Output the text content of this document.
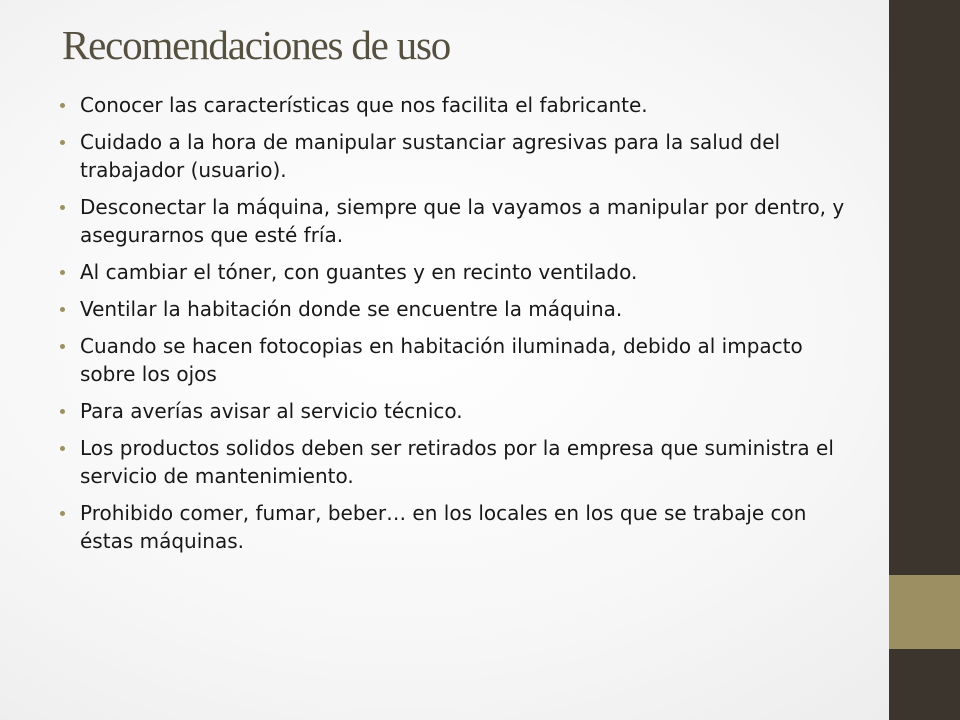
Recomendaciones de uso
Conocer las características que nos facilita el fabricante.
Cuidado a la hora de manipular sustanciar agresivas para la salud del trabajador (usuario).
Desconectar la máquina, siempre que la vayamos a manipular por dentro, y asegurarnos que esté fría.
Al cambiar el tóner, con guantes y en recinto ventilado.
Ventilar la habitación donde se encuentre la máquina.
Cuando se hacen fotocopias en habitación iluminada, debido al impacto sobre los ojos
Para averías avisar al servicio técnico.
Los productos solidos deben ser retirados por la empresa que suministra el servicio de mantenimiento.
Prohibido comer, fumar, beber… en los locales en los que se trabaje con éstas máquinas.
